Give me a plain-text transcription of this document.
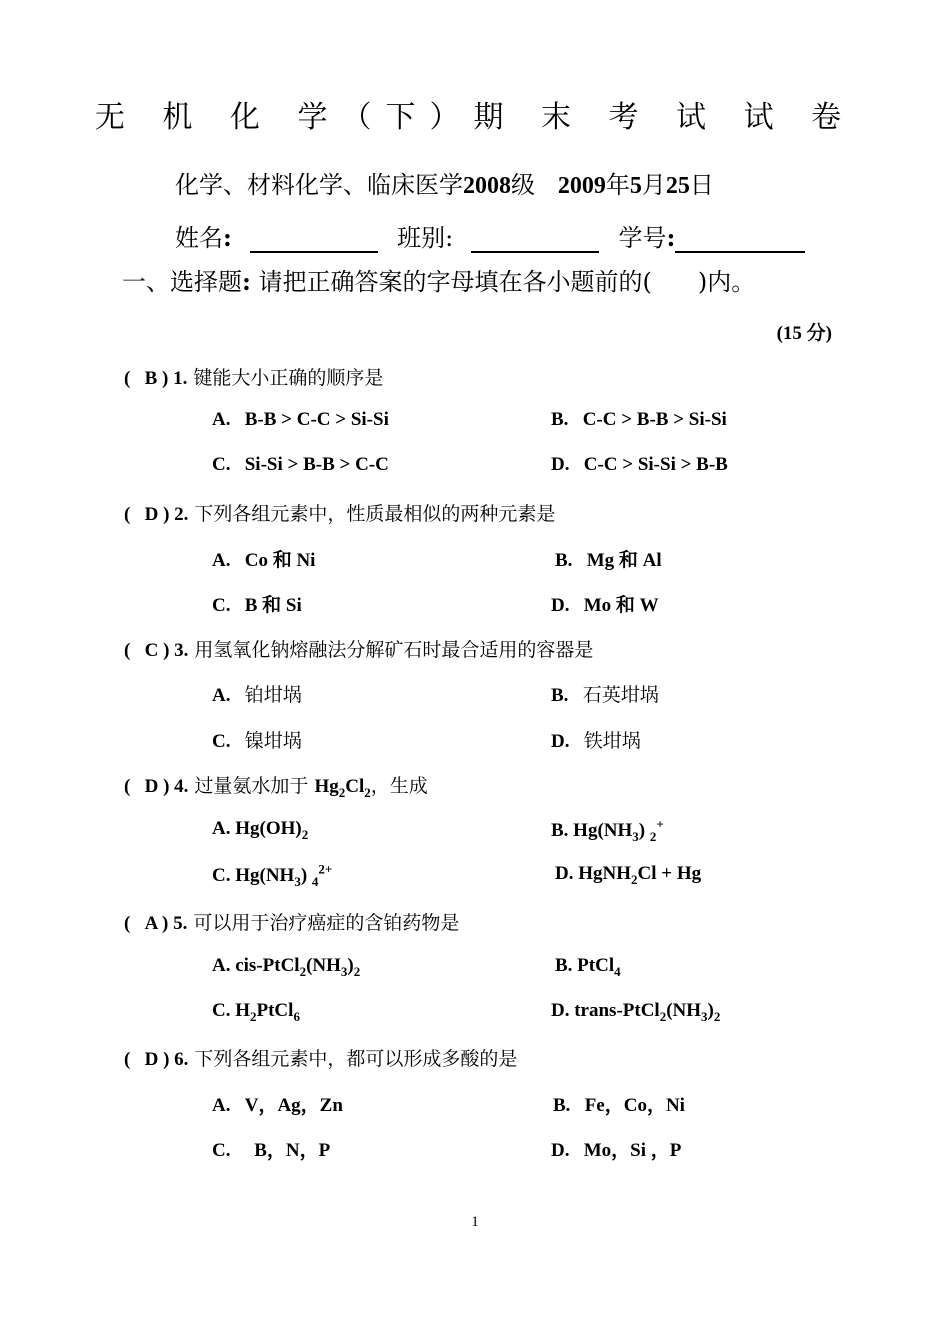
无 机 化 学（下）期 末 考 试 试 卷
化学、材料化学、临床医学2008级 2009年5月25日
姓名:	班别:	学号:
一、选择题: 请把正确答案的字母填在各小题前的( )内。
(15 分)
(   B ) 1. 键能大小正确的顺序是
A.   B-B > C-C > Si-Si	B.   C-C > B-B > Si-Si
C.   Si-Si > B-B > C-C	D.   C-C > Si-Si > B-B
(   D ) 2. 下列各组元素中，性质最相似的两种元素是
A.   Co 和 Ni	B.   Mg 和 Al
C.   B 和 Si	D.   Mo 和 W
(   C ) 3. 用氢氧化钠熔融法分解矿石时最合适用的容器是
A.   铂坩埚	B.   石英坩埚
C.   镍坩埚	D.   铁坩埚
(   D ) 4. 过量氨水加于 $Hg_2Cl_2$，生成
A. $Hg(OH)_2$	B. $Hg(NH_3)$ $_2$+
C. $Hg(NH_3)$ $_4^{2+}$	D. HgNH$_2$Cl + Hg
(   A ) 5. 可以用于治疗癌症的含铂药物是
A. cis-$PtCl_2(NH_3)_2$	B. PtCl$_4$
C. $H_2PtCl_6$	D. trans-$PtCl_2(NH_3)_2$
(   D ) 6. 下列各组元素中，都可以形成多酸的是
A.   V，Ag，Zn	B.   Fe，Co，Ni
C.     B，N，P	D.   Mo，Si ，P
1
